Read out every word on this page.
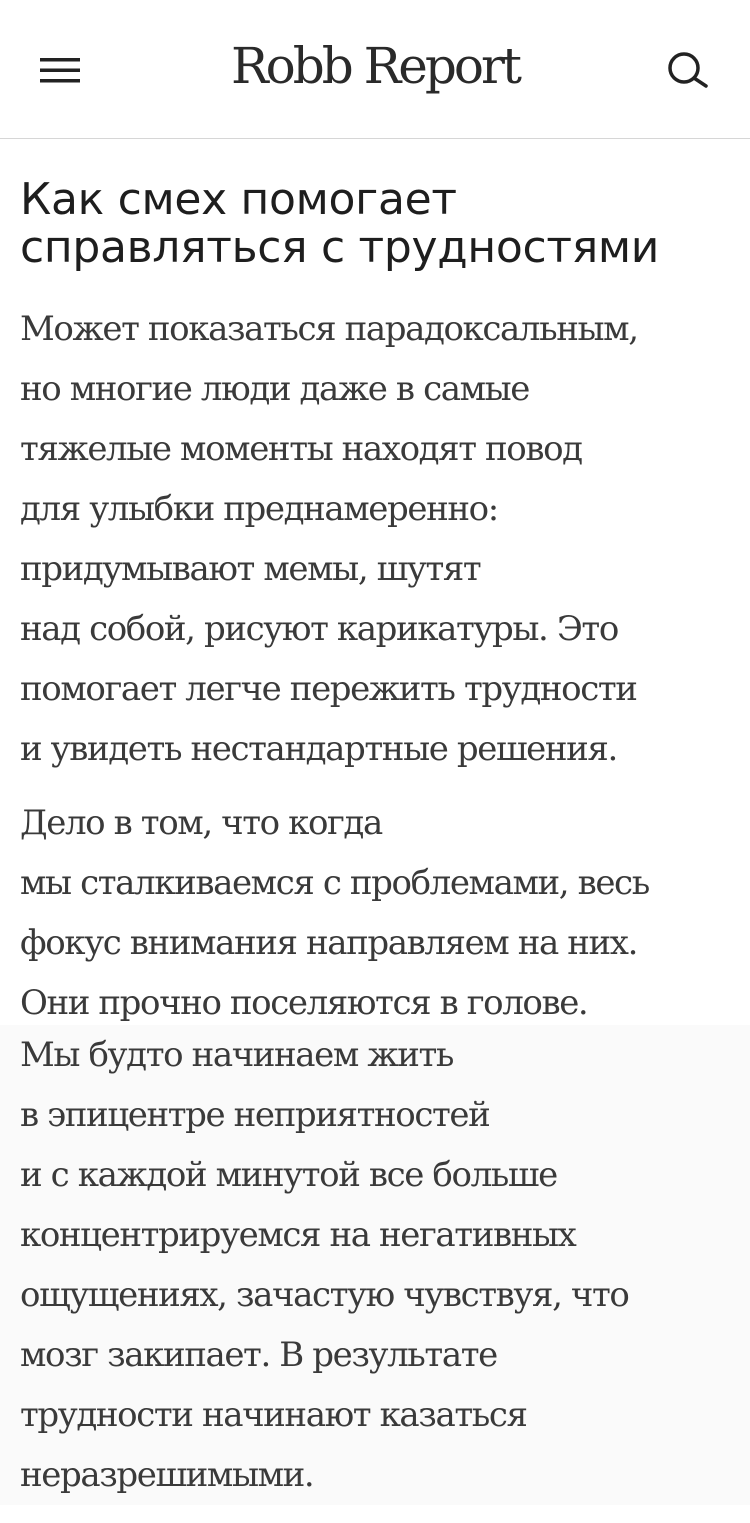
Robb Report
Как смех помогает
справляться с трудностями

Может показаться парадоксальным,
но многие люди даже в самые
тяжелые моменты находят повод
для улыбки преднамеренно:
придумывают мемы, шутят
над собой, рисуют карикатуры. Это
помогает легче пережить трудности
и увидеть нестандартные решения.

Дело в том, что когда
мы сталкиваемся с проблемами, весь
фокус внимания направляем на них.
Они прочно поселяются в голове.

Мы будто начинаем жить
в эпицентре неприятностей
и с каждой минутой все больше
концентрируемся на негативных
ощущениях, зачастую чувствуя, что
мозг закипает. В результате
трудности начинают казаться
неразрешимыми.
